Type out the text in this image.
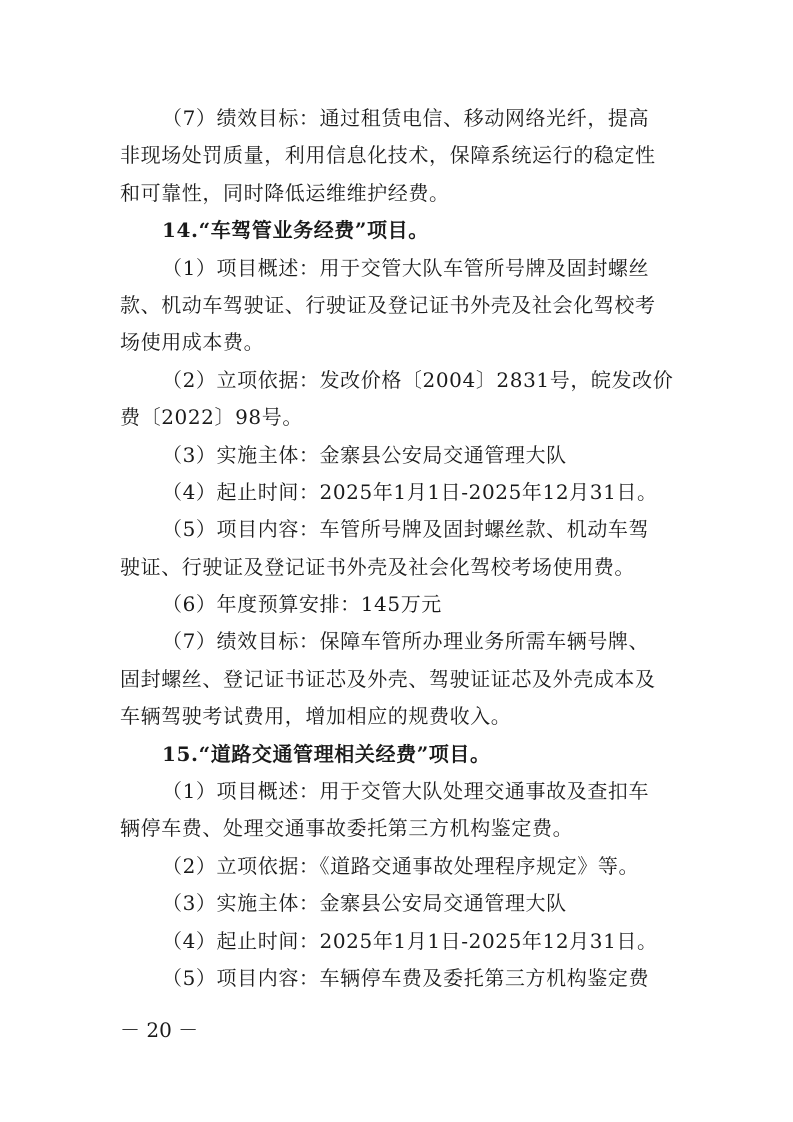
（7）绩效目标：通过租赁电信、移动网络光纤，提高
非现场处罚质量，利用信息化技术，保障系统运行的稳定性
和可靠性，同时降低运维维护经费。
14.“车驾管业务经费”项目。
（1）项目概述：用于交管大队车管所号牌及固封螺丝
款、机动车驾驶证、行驶证及登记证书外壳及社会化驾校考
场使用成本费。
（2）立项依据：发改价格〔2004〕2831号，皖发改价
费〔2022〕98号。
（3）实施主体：金寨县公安局交通管理大队
（4）起止时间：2025年1月1日-2025年12月31日。
（5）项目内容：车管所号牌及固封螺丝款、机动车驾
驶证、行驶证及登记证书外壳及社会化驾校考场使用费。
（6）年度预算安排：145万元
（7）绩效目标：保障车管所办理业务所需车辆号牌、
固封螺丝、登记证书证芯及外壳、驾驶证证芯及外壳成本及
车辆驾驶考试费用，增加相应的规费收入。
15.“道路交通管理相关经费”项目。
（1）项目概述：用于交管大队处理交通事故及查扣车
辆停车费、处理交通事故委托第三方机构鉴定费。
（2）立项依据：《道路交通事故处理程序规定》等。
（3）实施主体：金寨县公安局交通管理大队
（4）起止时间：2025年1月1日-2025年12月31日。
（5）项目内容：车辆停车费及委托第三方机构鉴定费
－ 20 －
